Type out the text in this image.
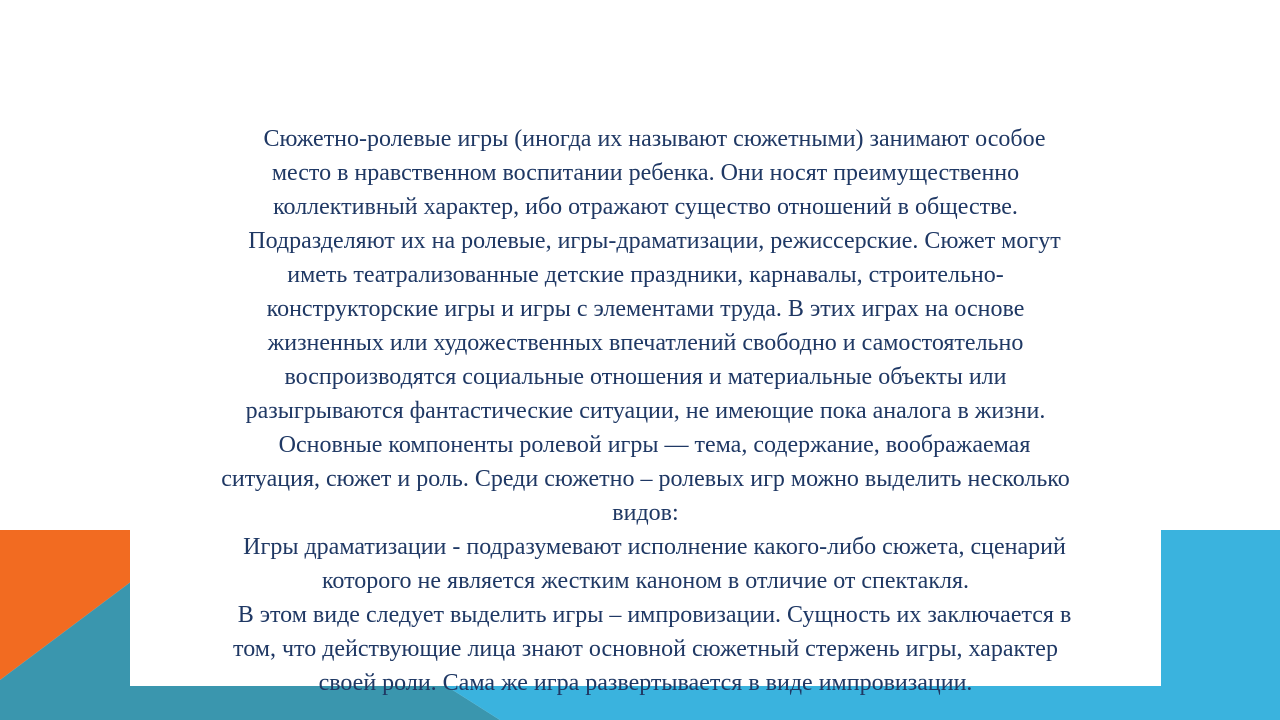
Сюжетно-ролевые игры (иногда их называют сюжетными) занимают особое
место в нравственном воспитании ребенка. Они носят преимущественно
коллективный характер, ибо отражают существо отношений в обществе.
Подразделяют их на ролевые, игры-драматизации, режиссерские. Сюжет могут
иметь театрализованные детские праздники, карнавалы, строительно-
конструкторские игры и игры с элементами труда. В этих играх на основе
жизненных или художественных впечатлений свободно и самостоятельно
воспроизводятся социальные отношения и материальные объекты или
разыгрываются фантастические ситуации, не имеющие пока аналога в жизни.
Основные компоненты ролевой игры — тема, содержание, воображаемая
ситуация, сюжет и роль. Среди сюжетно – ролевых игр можно выделить несколько
видов:
Игры драматизации - подразумевают исполнение какого-либо сюжета, сценарий
которого не является жестким каноном в отличие от спектакля.
В этом виде следует выделить игры – импровизации. Сущность их заключается в
том, что действующие лица знают основной сюжетный стержень игры, характер
своей роли. Сама же игра развертывается в виде импровизации.
